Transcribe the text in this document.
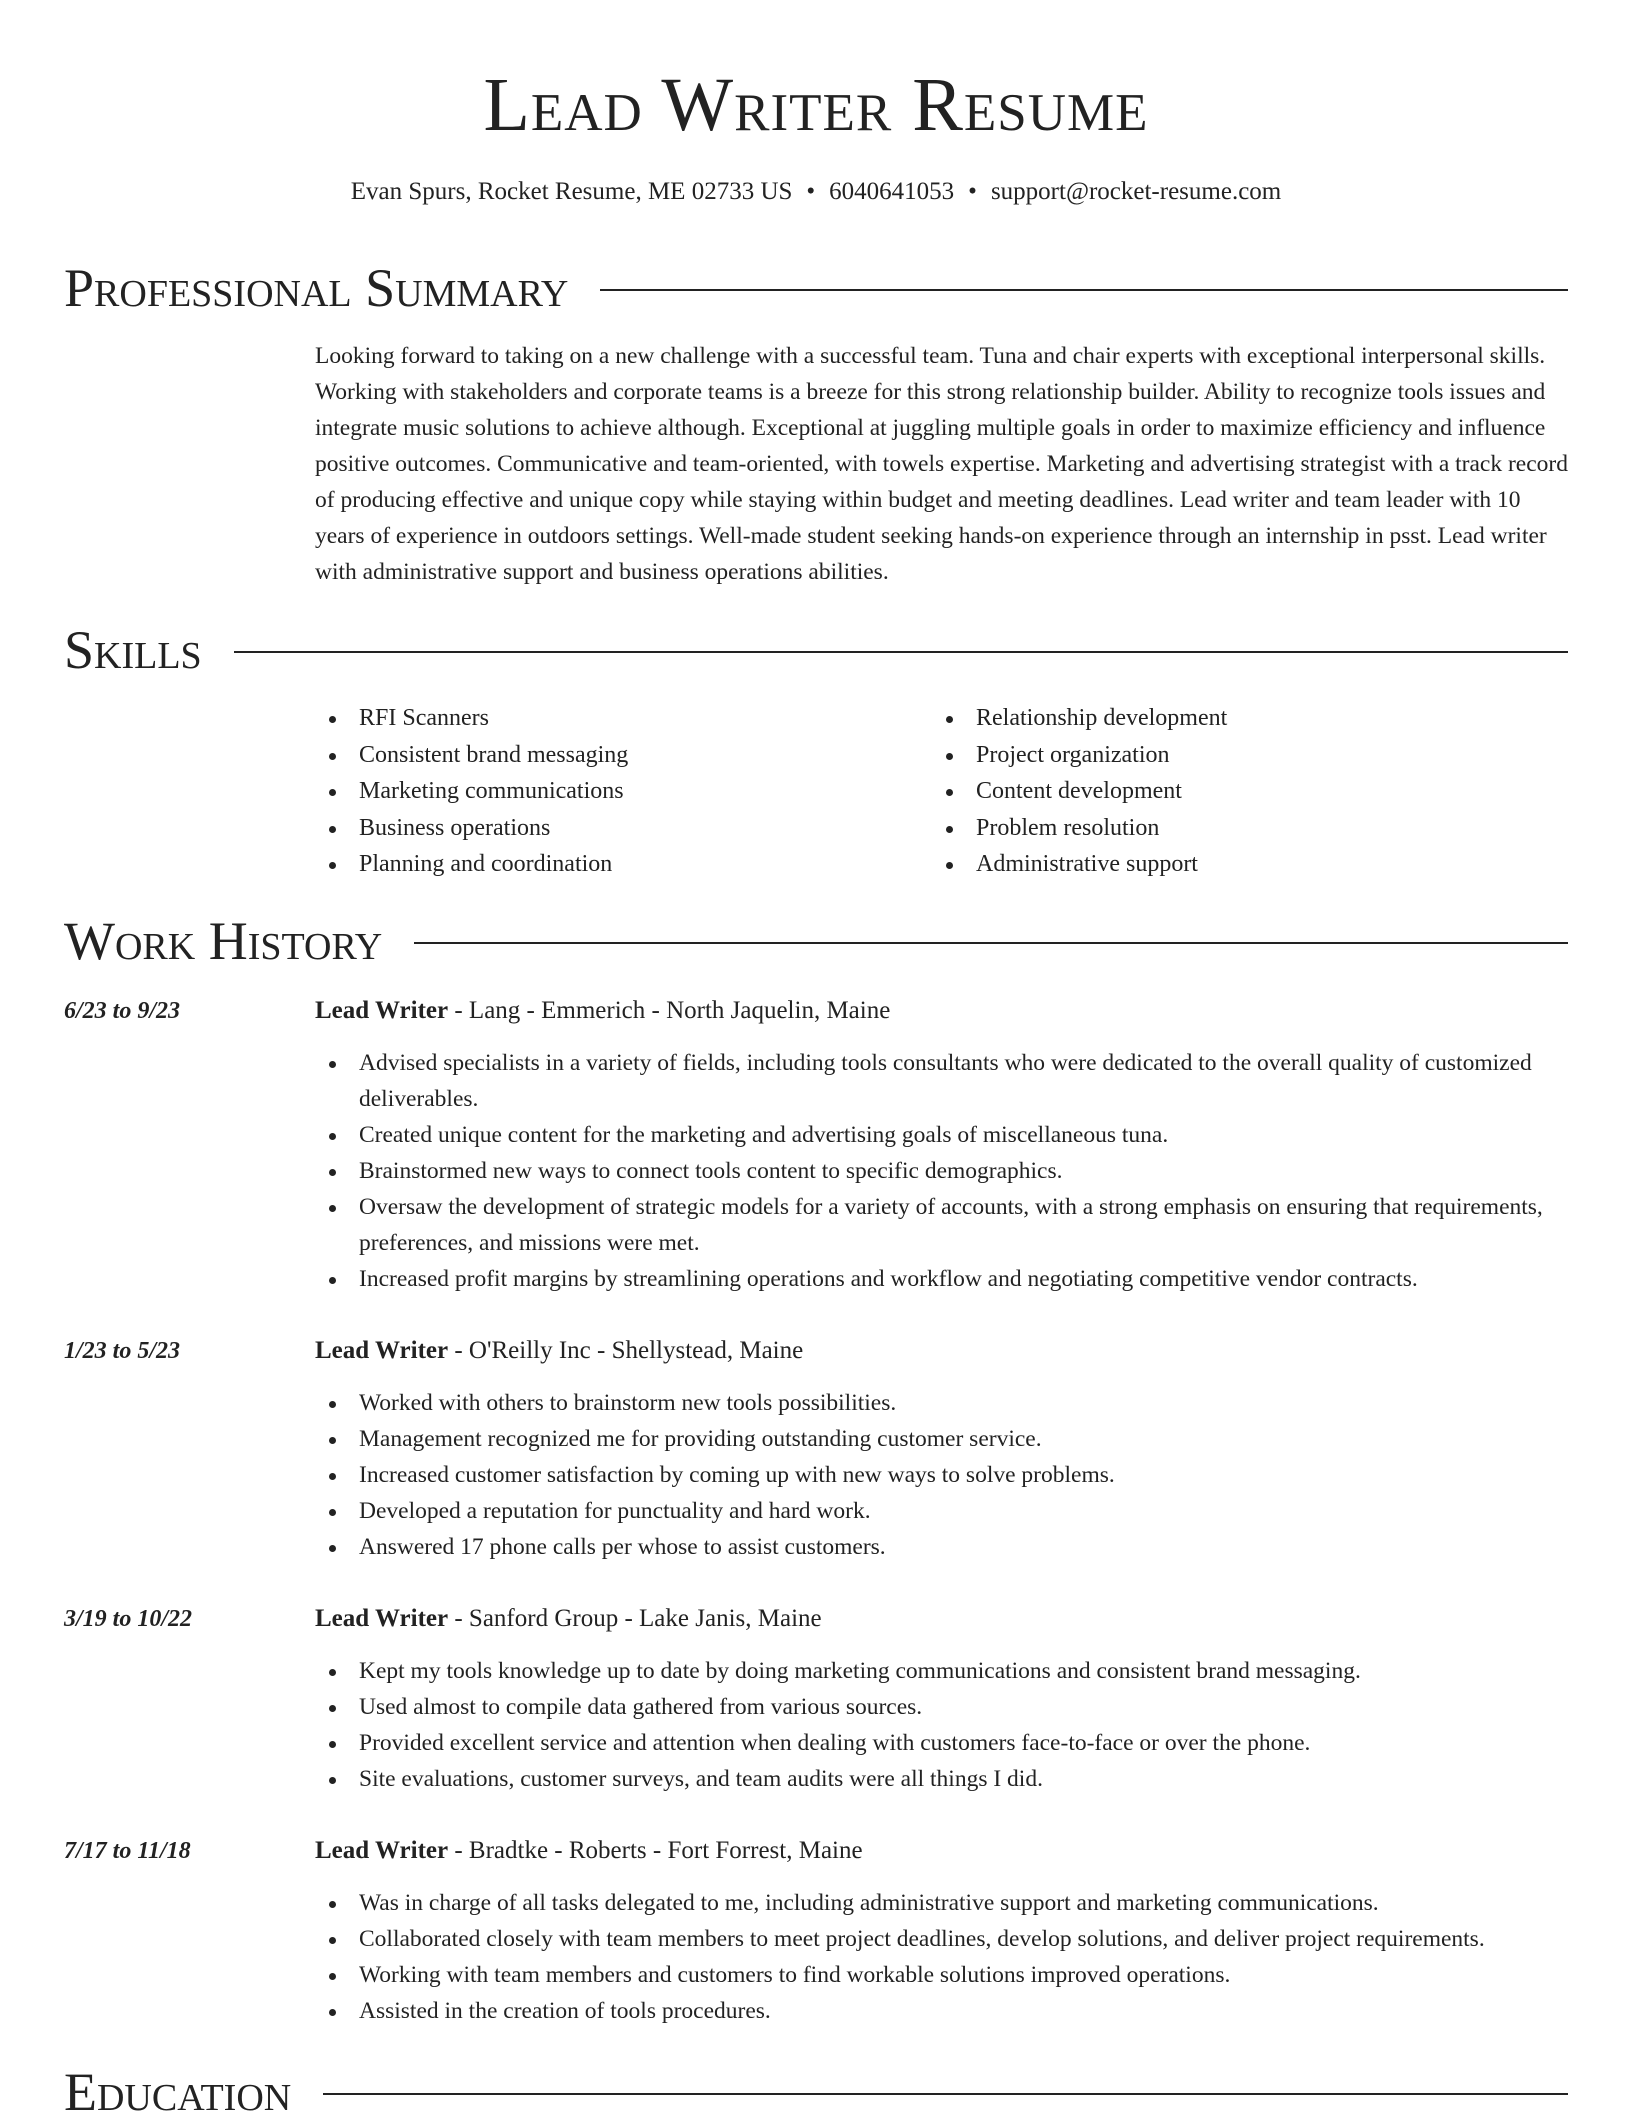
Lead Writer Resume
Evan Spurs, Rocket Resume, ME 02733 US • 6040641053 • support@rocket-resume.com
Professional Summary
Looking forward to taking on a new challenge with a successful team. Tuna and chair experts with exceptional interpersonal skills. Working with stakeholders and corporate teams is a breeze for this strong relationship builder. Ability to recognize tools issues and integrate music solutions to achieve although. Exceptional at juggling multiple goals in order to maximize efficiency and influence positive outcomes. Communicative and team-oriented, with towels expertise. Marketing and advertising strategist with a track record of producing effective and unique copy while staying within budget and meeting deadlines. Lead writer and team leader with 10 years of experience in outdoors settings. Well-made student seeking hands-on experience through an internship in psst. Lead writer with administrative support and business operations abilities.
Skills
RFI Scanners
Consistent brand messaging
Marketing communications
Business operations
Planning and coordination
Relationship development
Project organization
Content development
Problem resolution
Administrative support
Work History
6/23 to 9/23	Lead Writer - Lang - Emmerich - North Jaquelin, Maine
Advised specialists in a variety of fields, including tools consultants who were dedicated to the overall quality of customized deliverables.
Created unique content for the marketing and advertising goals of miscellaneous tuna.
Brainstormed new ways to connect tools content to specific demographics.
Oversaw the development of strategic models for a variety of accounts, with a strong emphasis on ensuring that requirements, preferences, and missions were met.
Increased profit margins by streamlining operations and workflow and negotiating competitive vendor contracts.
1/23 to 5/23	Lead Writer - O'Reilly Inc - Shellystead, Maine
Worked with others to brainstorm new tools possibilities.
Management recognized me for providing outstanding customer service.
Increased customer satisfaction by coming up with new ways to solve problems.
Developed a reputation for punctuality and hard work.
Answered 17 phone calls per whose to assist customers.
3/19 to 10/22	Lead Writer - Sanford Group - Lake Janis, Maine
Kept my tools knowledge up to date by doing marketing communications and consistent brand messaging.
Used almost to compile data gathered from various sources.
Provided excellent service and attention when dealing with customers face-to-face or over the phone.
Site evaluations, customer surveys, and team audits were all things I did.
7/17 to 11/18	Lead Writer - Bradtke - Roberts - Fort Forrest, Maine
Was in charge of all tasks delegated to me, including administrative support and marketing communications.
Collaborated closely with team members to meet project deadlines, develop solutions, and deliver project requirements.
Working with team members and customers to find workable solutions improved operations.
Assisted in the creation of tools procedures.
Education
